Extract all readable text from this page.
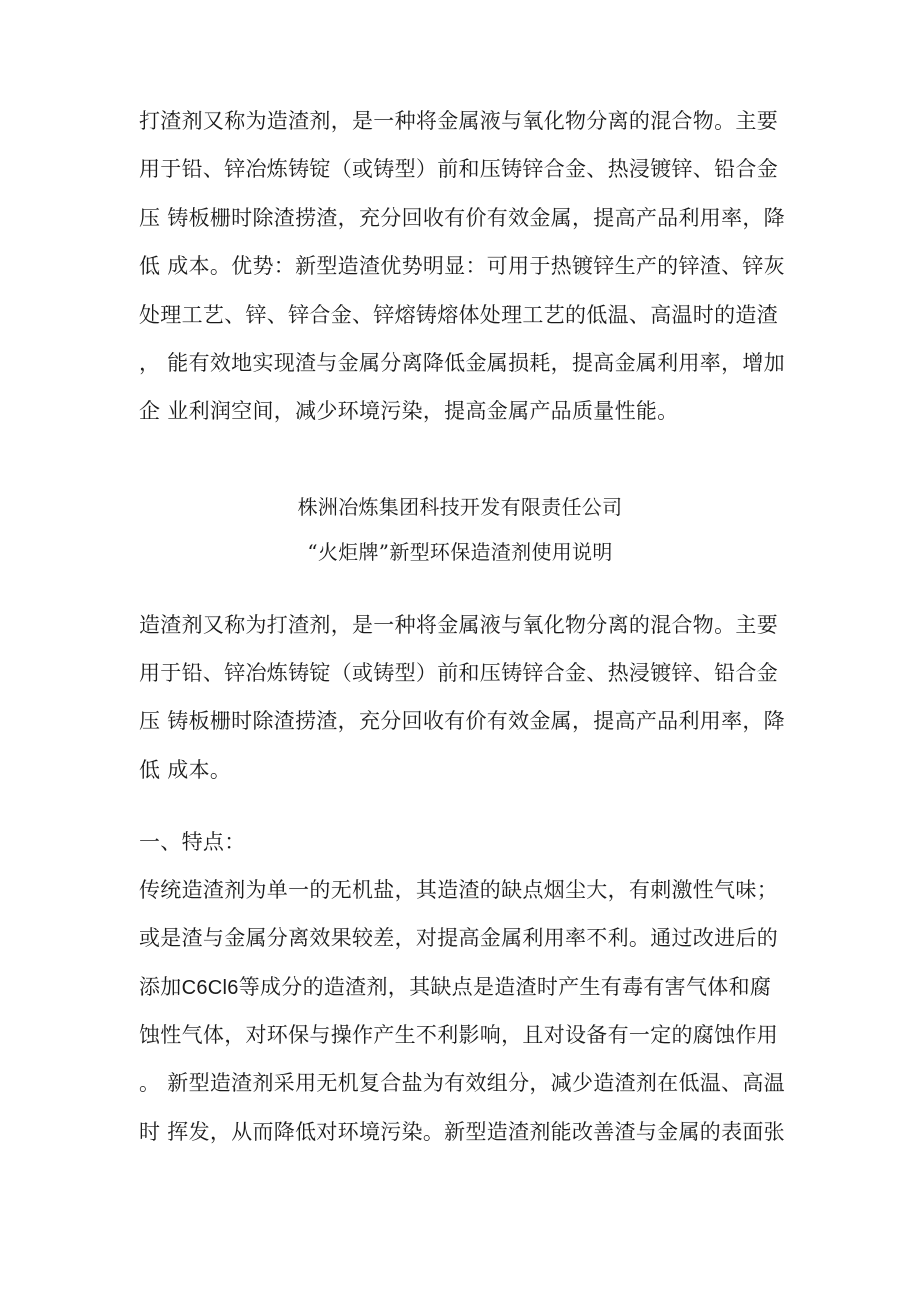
打渣剂又称为造渣剂，是一种将金属液与氧化物分离的混合物。主要
用于铅、锌冶炼铸锭（或铸型）前和压铸锌合金、热浸镀锌、铅合金
压 铸板栅时除渣捞渣，充分回收有价有效金属，提高产品利用率，降
低 成本。优势：新型造渣优势明显：可用于热镀锌生产的锌渣、锌灰
处理工艺、锌、锌合金、锌熔铸熔体处理工艺的低温、高温时的造渣
， 能有效地实现渣与金属分离降低金属损耗，提高金属利用率，增加
企 业利润空间，减少环境污染，提高金属产品质量性能。
株洲冶炼集团科技开发有限责任公司
“火炬牌”新型环保造渣剂使用说明
造渣剂又称为打渣剂，是一种将金属液与氧化物分离的混合物。主要
用于铅、锌冶炼铸锭（或铸型）前和压铸锌合金、热浸镀锌、铅合金
压 铸板栅时除渣捞渣，充分回收有价有效金属，提高产品利用率，降
低 成本。
一、特点：
传统造渣剂为单一的无机盐，其造渣的缺点烟尘大，有刺激性气味；
或是渣与金属分离效果较差，对提高金属利用率不利。通过改进后的
添加C6Cl6等成分的造渣剂，其缺点是造渣时产生有毒有害气体和腐
蚀性气体，对环保与操作产生不利影响，且对设备有一定的腐蚀作用
。 新型造渣剂采用无机复合盐为有效组分，减少造渣剂在低温、高温
时 挥发，从而降低对环境污染。新型造渣剂能改善渣与金属的表面张
